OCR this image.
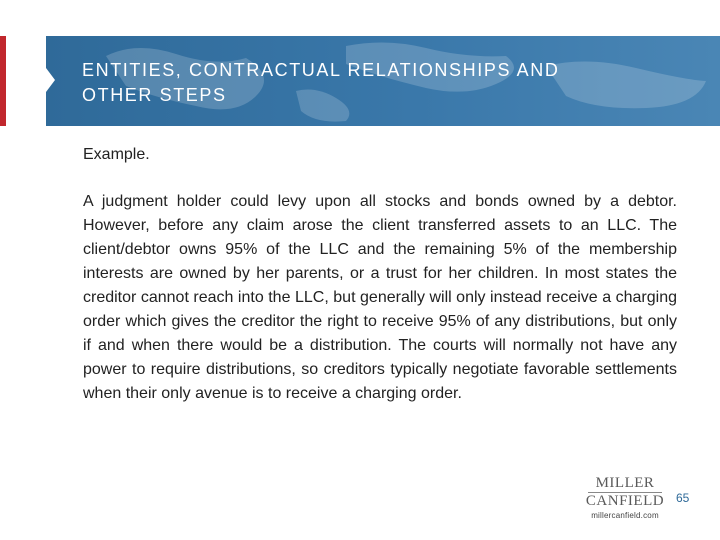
ENTITIES, CONTRACTUAL RELATIONSHIPS AND
OTHER STEPS
Example.

A judgment holder could levy upon all stocks and bonds owned by a debtor. However, before any claim arose the client transferred assets to an LLC. The client/debtor owns 95% of the LLC and the remaining 5% of the membership interests are owned by her parents, or a trust for her children. In most states the creditor cannot reach into the LLC, but generally will only instead receive a charging order which gives the creditor the right to receive 95% of any distributions, but only if and when there would be a distribution. The courts will normally not have any power to require distributions, so creditors typically negotiate favorable settlements when their only avenue is to receive a charging order.

MILLER
CANFIELD
millercanfield.com
65
